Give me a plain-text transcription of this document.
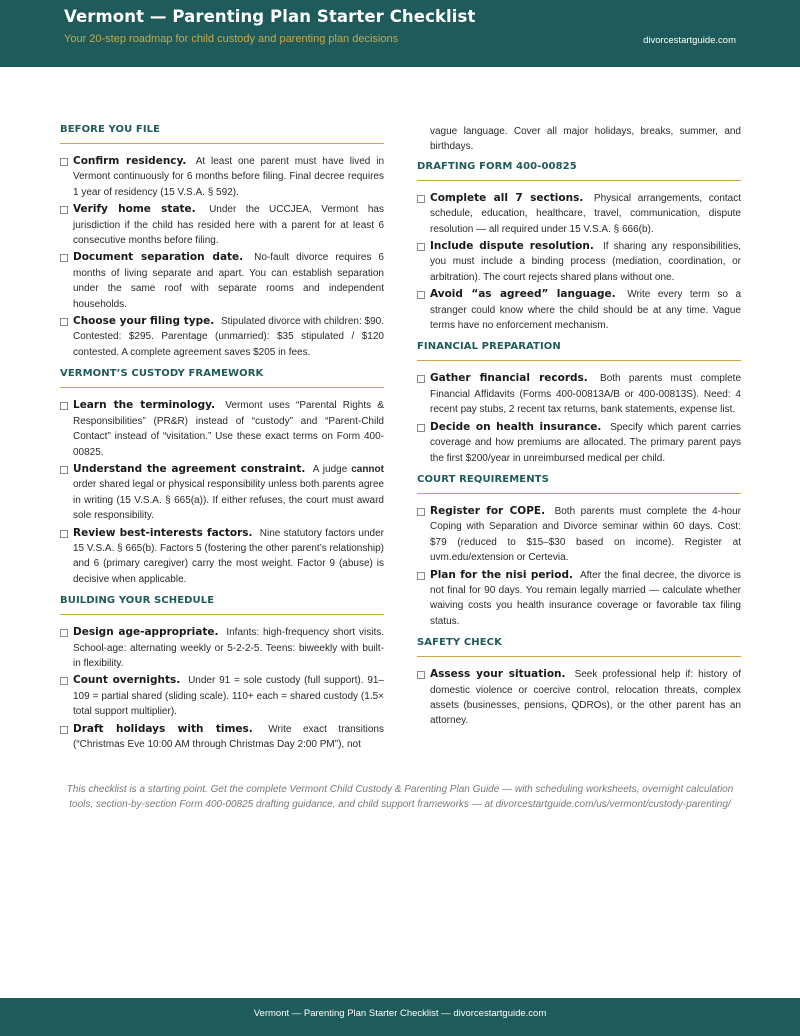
Vermont — Parenting Plan Starter Checklist
Your 20-step roadmap for child custody and parenting plan decisions	divorcestartguide.com
BEFORE YOU FILE
Confirm residency. At least one parent must have lived in Vermont continuously for 6 months before filing. Final decree requires 1 year of residency (15 V.S.A. § 592).
Verify home state. Under the UCCJEA, Vermont has jurisdiction if the child has resided here with a parent for at least 6 consecutive months before filing.
Document separation date. No-fault divorce requires 6 months of living separate and apart. You can establish separation under the same roof with separate rooms and independent households.
Choose your filing type. Stipulated divorce with children: $90. Contested: $295. Parentage (unmarried): $35 stipulated / $120 contested. A complete agreement saves $205 in fees.
VERMONT’S CUSTODY FRAMEWORK
Learn the terminology. Vermont uses “Parental Rights & Responsibilities” (PR&R) instead of “custody” and “Parent-Child Contact” instead of “visitation.” Use these exact terms on Form 400-00825.
Understand the agreement constraint. A judge cannot order shared legal or physical responsibility unless both parents agree in writing (15 V.S.A. § 665(a)). If either refuses, the court must award sole responsibility.
Review best-interests factors. Nine statutory factors under 15 V.S.A. § 665(b). Factors 5 (fostering the other parent’s relationship) and 6 (primary caregiver) carry the most weight. Factor 9 (abuse) is decisive when applicable.
BUILDING YOUR SCHEDULE
Design age-appropriate. Infants: high-frequency short visits. School-age: alternating weekly or 5-2-2-5. Teens: biweekly with built-in flexibility.
Count overnights. Under 91 = sole custody (full support). 91–109 = partial shared (sliding scale). 110+ each = shared custody (1.5× total support multiplier).
Draft holidays with times. Write exact transitions (“Christmas Eve 10:00 AM through Christmas Day 2:00 PM”), not
vague language. Cover all major holidays, breaks, summer, and birthdays.
DRAFTING FORM 400-00825
Complete all 7 sections. Physical arrangements, contact schedule, education, healthcare, travel, communication, dispute resolution — all required under 15 V.S.A. § 666(b).
Include dispute resolution. If sharing any responsibilities, you must include a binding process (mediation, coordination, or arbitration). The court rejects shared plans without one.
Avoid “as agreed” language. Write every term so a stranger could know where the child should be at any time. Vague terms have no enforcement mechanism.
FINANCIAL PREPARATION
Gather financial records. Both parents must complete Financial Affidavits (Forms 400-00813A/B or 400-00813S). Need: 4 recent pay stubs, 2 recent tax returns, bank statements, expense list.
Decide on health insurance. Specify which parent carries coverage and how premiums are allocated. The primary parent pays the first $200/year in unreimbursed medical per child.
COURT REQUIREMENTS
Register for COPE. Both parents must complete the 4-hour Coping with Separation and Divorce seminar within 60 days. Cost: $79 (reduced to $15–$30 based on income). Register at uvm.edu/extension or Certevia.
Plan for the nisi period. After the final decree, the divorce is not final for 90 days. You remain legally married — calculate whether waiving costs you health insurance coverage or favorable tax filing status.
SAFETY CHECK
Assess your situation. Seek professional help if: history of domestic violence or coercive control, relocation threats, complex assets (businesses, pensions, QDROs), or the other parent has an attorney.
This checklist is a starting point. Get the complete Vermont Child Custody & Parenting Plan Guide — with scheduling worksheets, overnight calculation tools, section-by-section Form 400-00825 drafting guidance, and child support frameworks — at divorcestartguide.com/us/vermont/custody-parenting/
Vermont — Parenting Plan Starter Checklist — divorcestartguide.com
